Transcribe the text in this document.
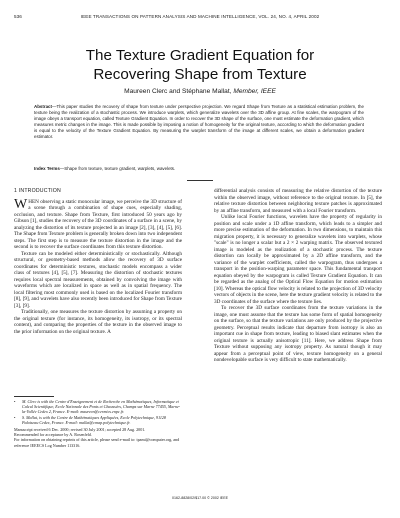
536	IEEE TRANSACTIONS ON PATTERN ANALYSIS AND MACHINE INTELLIGENCE, VOL. 24, NO. 4, APRIL 2002
The Texture Gradient Equation for
Recovering Shape from Texture
Maureen Clerc and Stéphane Mallat, Member, IEEE
Abstract—This paper studies the recovery of shape from texture under perspective projection. We regard Shape from Texture as a statistical estimation problem, the texture being the realization of a stochastic process. We introduce warplets, which generalize wavelets over the 3D affine group. At fine scales, the warpogram of the image obeys a transport equation, called Texture Gradient Equation. In order to recover the 3D shape of the surface, one must estimate the deformation gradient, which measures metric changes in the image. This is made possible by imposing a notion of homogeneity for the original texture, according to which the deformation gradient is equal to the velocity of the Texture Gradient Equation. By measuring the warplet transform of the image at different scales, we obtain a deformation gradient estimator.
Index Terms—Shape from texture, texture gradient, warplets, wavelets.
1 INTRODUCTION

WHEN observing a static monocular image, we perceive the 3D structure of a scene through a combination of shape cues, especially shading, occlusion, and texture. Shape from Texture, first introduced 50 years ago by Gibson [1], studies the recovery of the 3D coordinates of a surface in a scene, by analyzing the distortion of its texture projected in an image [2], [3], [4], [5], [6]. The Shape from Texture problem is generally broken down into two independent steps. The first step is to measure the texture distortion in the image and the second is to recover the surface coordinates from this texture distortion.

Texture can be modeled either deterministically or stochastically. Although structural, or geometry-based methods allow the recovery of 3D surface coordinates for deterministic textures, stochastic models encompass a wider class of textures [4], [5], [7]. Measuring the distortion of stochastic textures requires local spectral measurements, obtained by convolving the image with waveforms which are localized in space as well as in spatial frequency. The local filtering most commonly used is based on the localized Fourier transform [8], [9], and wavelets have also recently been introduced for Shape from Texture [3], [9].

Traditionally, one measures the texture distortion by assuming a property on the original texture (for instance, its homogeneity, its isotropy, or its spectral content), and comparing the properties of the texture in the observed image to the prior information on the original texture. A

•	M. Clerc is with the Centre d'Enseignement et de Recherche en Mathématiques, Informatique et Calcul Scientifique, Ecole Nationale des Ponts et Chaussées, Champs sur Marne 77455, Marne-la-Vallée Cedex 2, France. E-mail: maureen@cermics.enpc.fr.
•	S. Mallat, is with the Centre de Mathématiques Appliquées, Ecole Polytechnique, 91128 Palaiseau Cedex, France. E-mail: mallat@cmap.polytechnique.fr.
Manuscript received 6 Dec. 2000; revised 30 July 2001; accepted 28 Aug. 2001.
Recommended for acceptance by A. Rosenfeld.
For information on obtaining reprints of this article, please send e-mail to: tpami@computer.org, and reference IEEECS Log Number 113316.

differential analysis consists of measuring the relative distortion of the texture within the observed image, without reference to the original texture. In [5], the relative texture distortion between neighboring texture patches is approximated by an affine transform, and measured with a local Fourier transform.

Unlike local Fourier functions, wavelets have the property of regularity in position and scale under a 1D affine transform, which leads to a simpler and more precise estimation of the deformation. In two dimensions, to maintain this migration property, it is necessary to generalize wavelets into warplets, whose "scale" is no longer a scalar but a 2 × 2 warping matrix. The observed textured image is modeled as the realization of a stochastic process. The texture distortion can locally be approximated by a 2D affine transform, and the variance of the warplet coefficients, called the warpogram, thus undergoes a transport in the position-warping parameter space. This fundamental transport equation obeyed by the warpogram is called Texture Gradient Equation. It can be regarded as the analog of the Optical Flow Equation for motion estimation [10]. Whereas the optical flow velocity is related to the projection of 3D velocity vectors of objects in the scene, here the texture gradient velocity is related to the 3D coordinates of the surface where the texture lies.

To recover the 3D surface coordinates from the texture variations in the image, one must assume that the texture has some form of spatial homogeneity on the surface, so that the texture variations are only produced by the projective geometry. Perceptual results indicate that departure from isotropy is also an important cue in shape from texture, leading to biased slant estimates when the original texture is actually anisotropic [11]. Here, we address Shape from Texture without supposing any isotropy property. As natural though it may appear from a perceptual point of view, texture homogeneity on a general nondevelopable surface is very difficult to state mathematically.

0162-8828/02/$17.00 © 2002 IEEE
